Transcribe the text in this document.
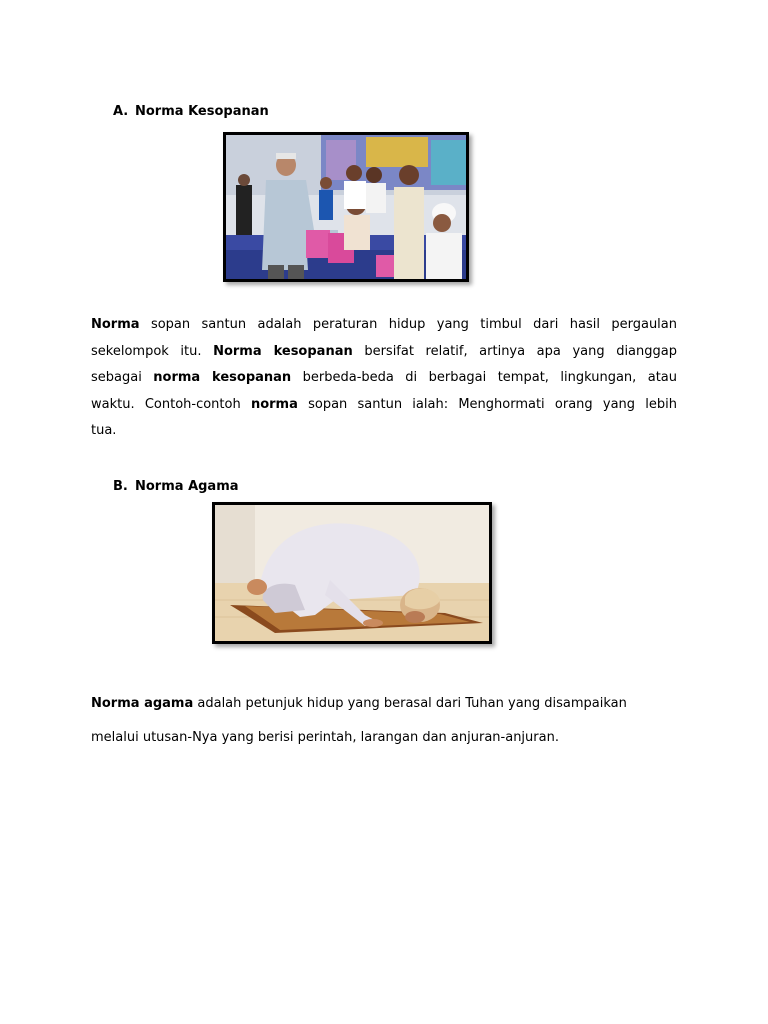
A. Norma Kesopanan
Norma sopan santun adalah peraturan hidup yang timbul dari hasil pergaulan
sekelompok itu. Norma kesopanan bersifat relatif, artinya apa yang dianggap
sebagai norma kesopanan berbeda-beda di berbagai tempat, lingkungan, atau
waktu. Contoh-contoh norma sopan santun ialah: Menghormati orang yang lebih
tua.
B. Norma Agama
Norma agama adalah petunjuk hidup yang berasal dari Tuhan yang disampaikan
melalui utusan-Nya yang berisi perintah, larangan dan anjuran-anjuran.
